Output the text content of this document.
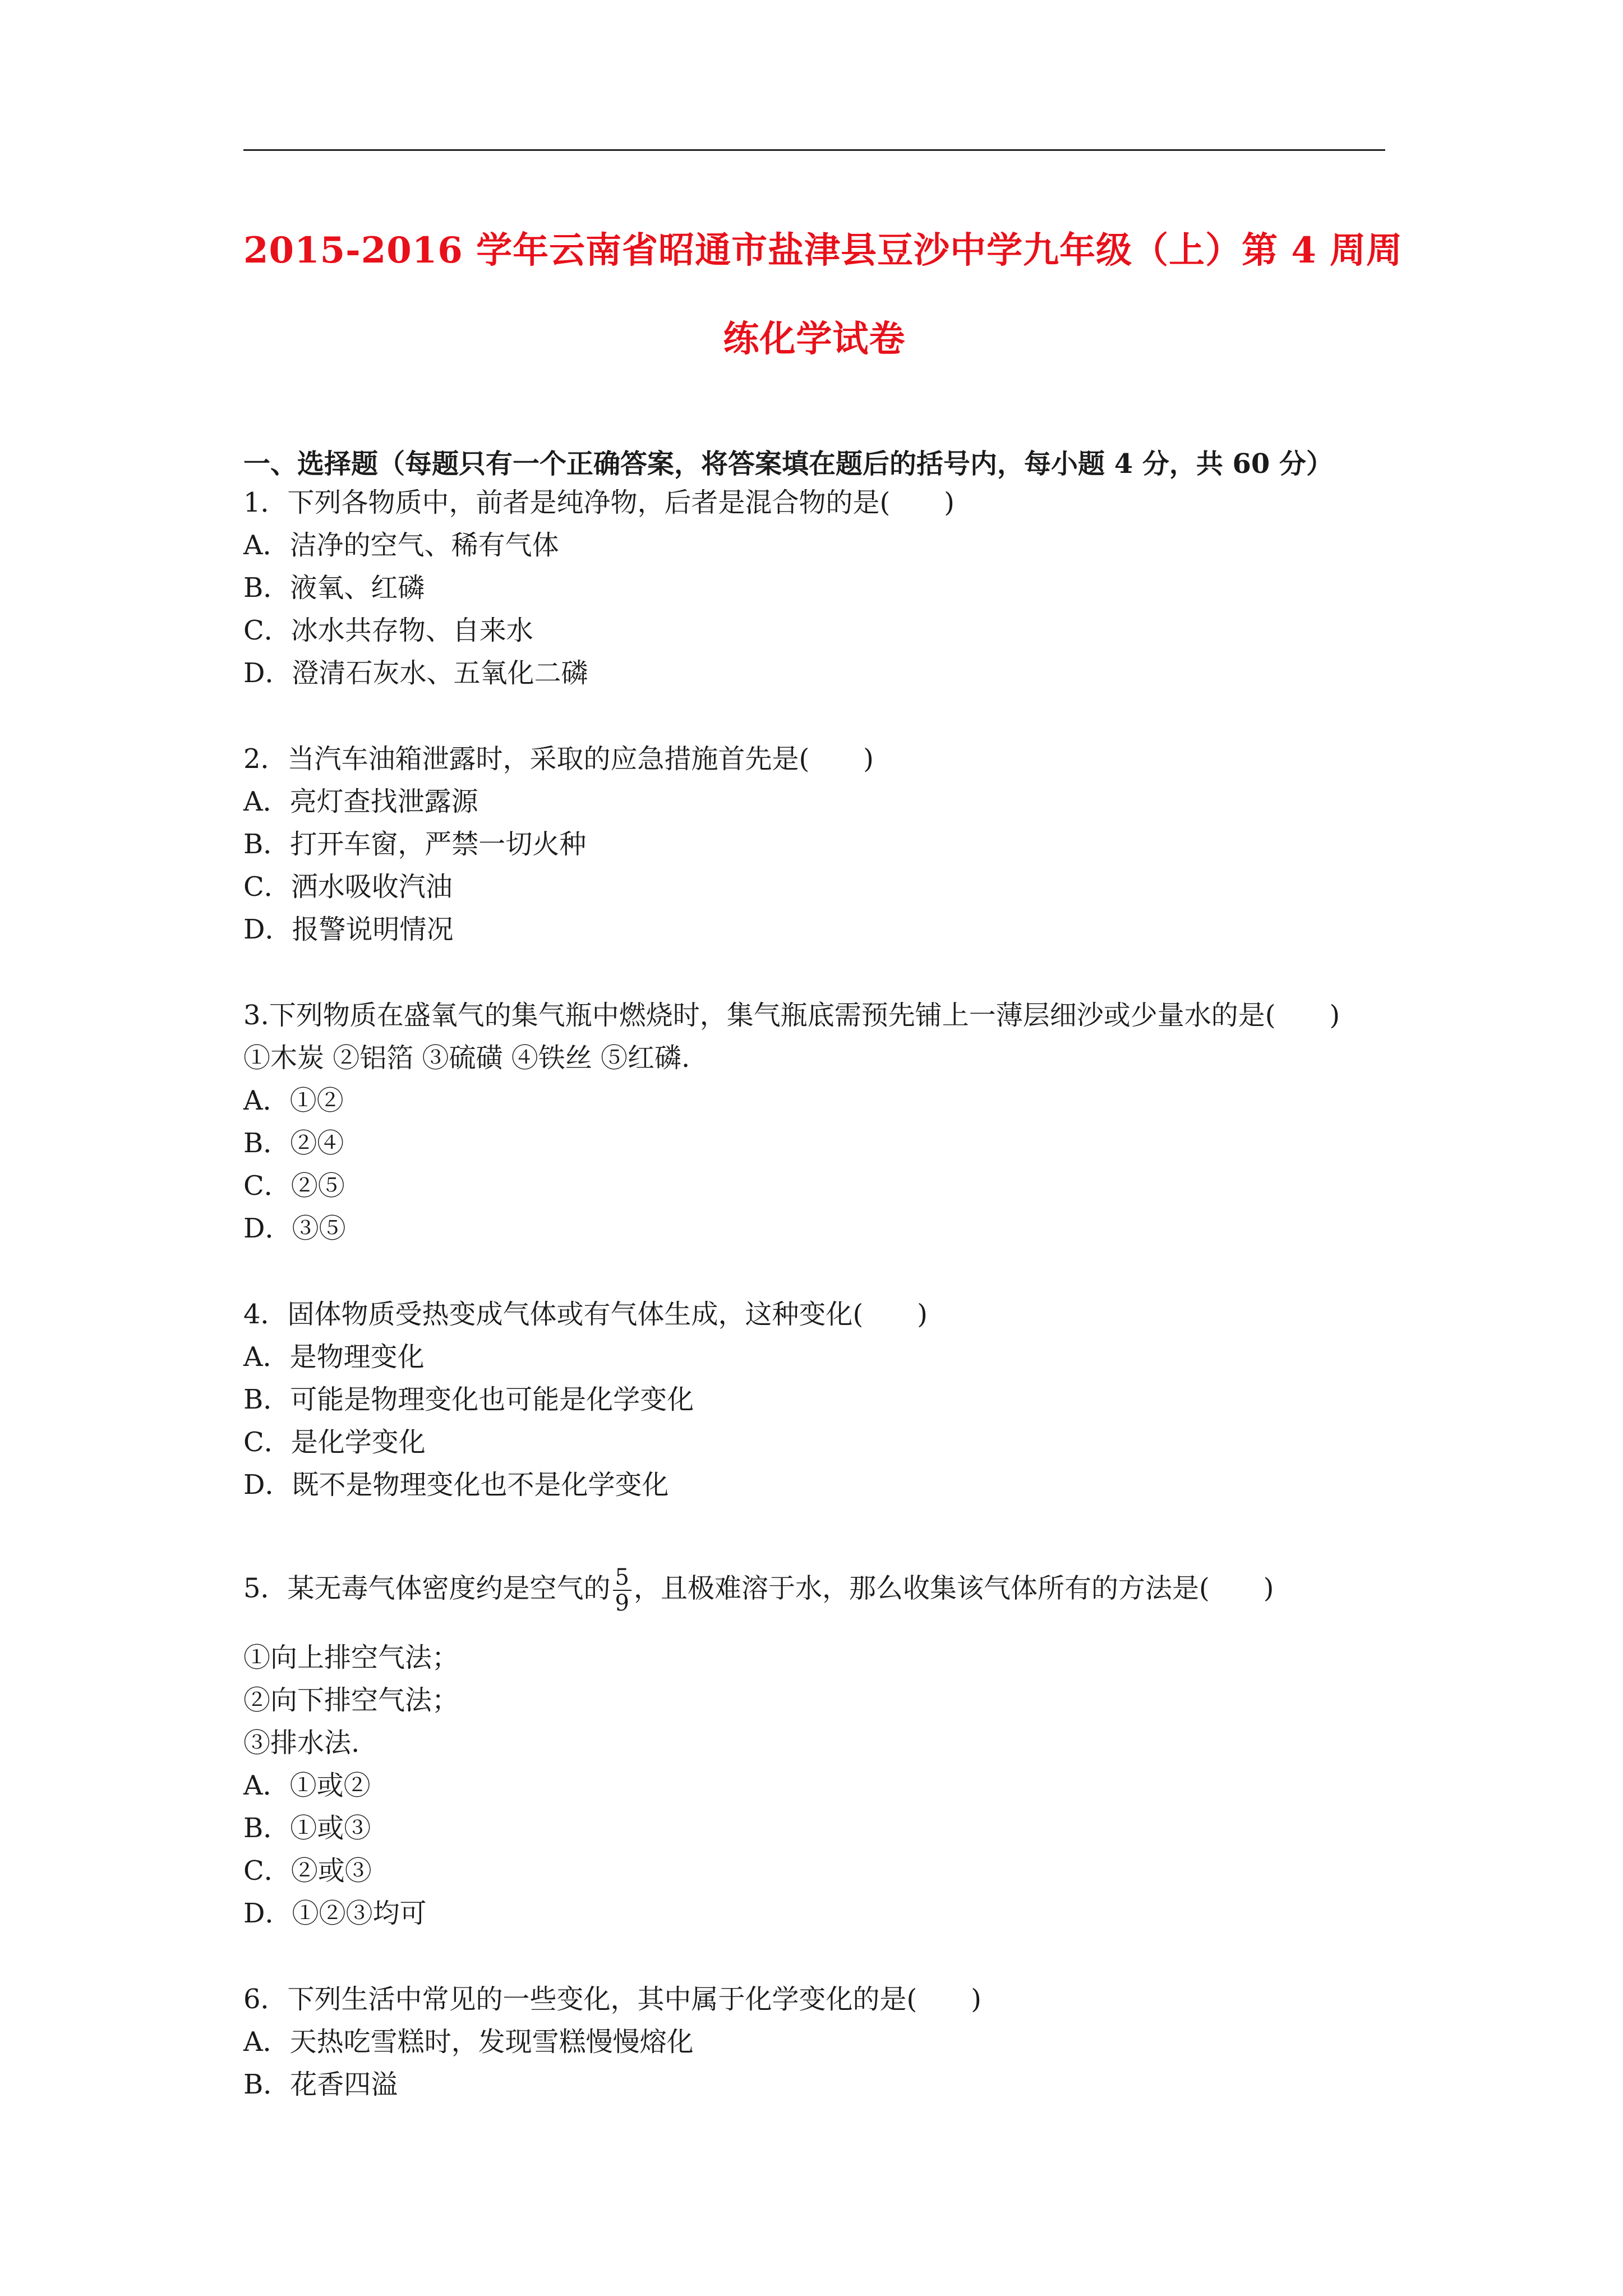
2015-2016 学年云南省昭通市盐津县豆沙中学九年级（上）第 4 周周
练化学试卷
一、选择题（每题只有一个正确答案，将答案填在题后的括号内，每小题 4 分，共 60 分）
1．下列各物质中，前者是纯净物，后者是混合物的是(　　)
A．洁净的空气、稀有气体
B．液氧、红磷
C．冰水共存物、自来水
D．澄清石灰水、五氧化二磷
2．当汽车油箱泄露时，采取的应急措施首先是(　　)
A．亮灯查找泄露源
B．打开车窗，严禁一切火种
C．洒水吸收汽油
D．报警说明情况
3.下列物质在盛氧气的集气瓶中燃烧时，集气瓶底需预先铺上一薄层细沙或少量水的是(　　)
①木炭 ②铝箔 ③硫磺 ④铁丝 ⑤红磷.
A．①②
B．②④
C．②⑤
D．③⑤
4．固体物质受热变成气体或有气体生成，这种变化(　　)
A．是物理变化
B．可能是物理变化也可能是化学变化
C．是化学变化
D．既不是物理变化也不是化学变化
5．某无毒气体密度约是空气的 $\frac{5}{9}$ ，且极难溶于水，那么收集该气体所有的方法是(　　)
①向上排空气法；
②向下排空气法；
③排水法.
A．①或②
B．①或③
C．②或③
D．①②③均可
6．下列生活中常见的一些变化，其中属于化学变化的是(　　)
A．天热吃雪糕时，发现雪糕慢慢熔化
B．花香四溢
